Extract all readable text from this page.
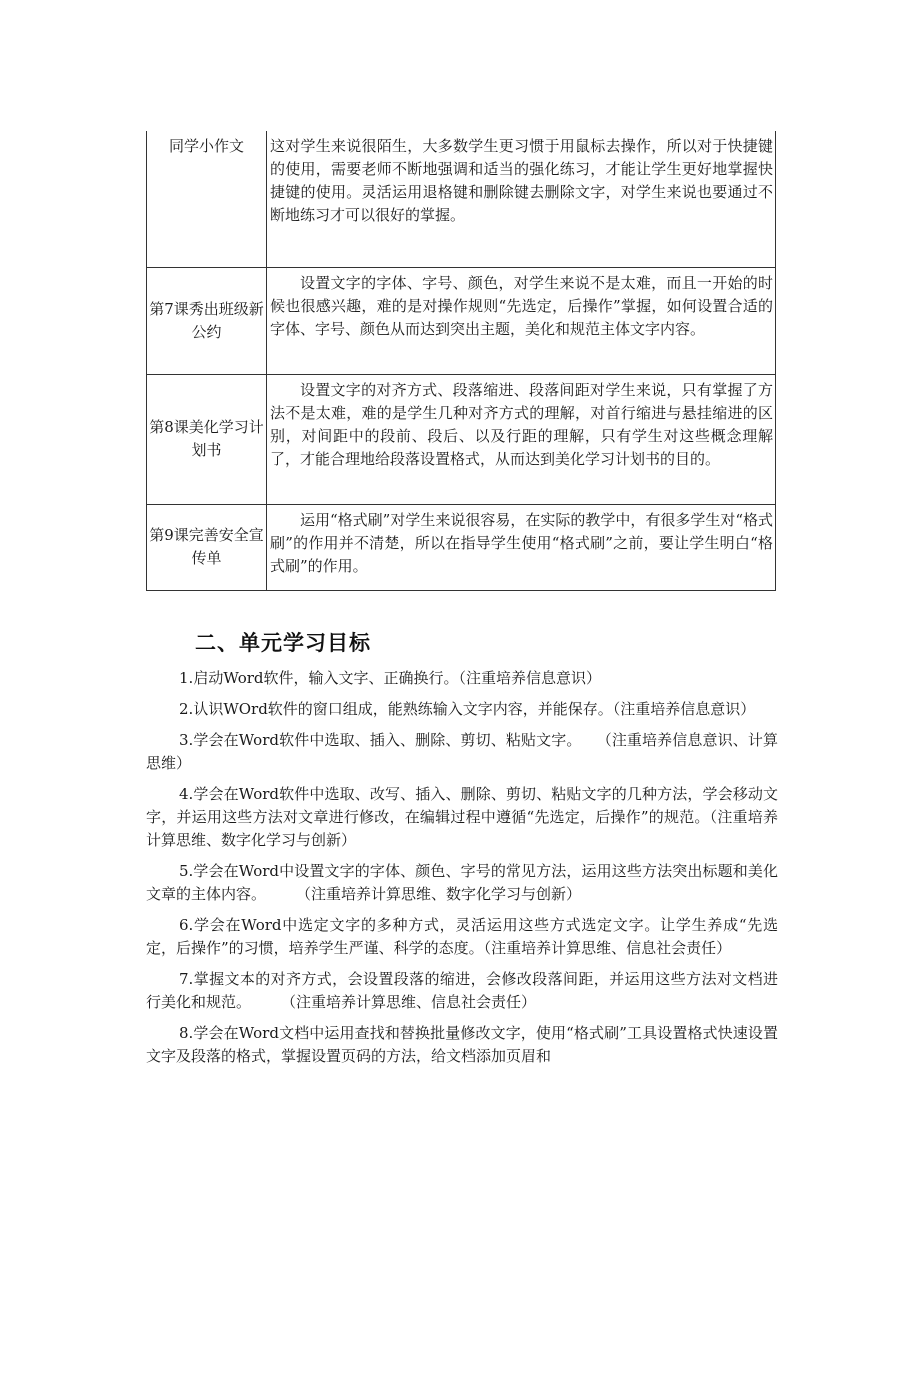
同学小作文	这对学生来说很陌生，大多数学生更习惯于用鼠标去操作，所以对于快捷键的使用，需要老师不断地强调和适当的强化练习，才能让学生更好地掌握快捷键的使用。灵活运用退格键和删除键去删除文字，对学生来说也要通过不断地练习才可以很好的掌握。
第7课秀出班级新公约	设置文字的字体、字号、颜色，对学生来说不是太难，而且一开始的时候也很感兴趣，难的是对操作规则“先选定，后操作”掌握，如何设置合适的字体、字号、颜色从而达到突出主题，美化和规范主体文字内容。
第8课美化学习计划书	设置文字的对齐方式、段落缩进、段落间距对学生来说，只有掌握了方法不是太难，难的是学生几种对齐方式的理解，对首行缩进与悬挂缩进的区别，对间距中的段前、段后、以及行距的理解，只有学生对这些概念理解了，才能合理地给段落设置格式，从而达到美化学习计划书的目的。
第9课完善安全宣传单	运用“格式刷”对学生来说很容易，在实际的教学中，有很多学生对“格式刷”的作用并不清楚，所以在指导学生使用“格式刷”之前，要让学生明白“格式刷”的作用。
二、单元学习目标

1.启动Word软件，输入文字、正确换行。（注重培养信息意识）

2.认识WOrd软件的窗口组成，能熟练输入文字内容，并能保存。（注重培养信息意识）

3.学会在Word软件中选取、插入、删除、剪切、粘贴文字。　　（注重培养信息意识、计算思维）

4.学会在Word软件中选取、改写、插入、删除、剪切、粘贴文字的几种方法，学会移动文字，并运用这些方法对文章进行修改，在编辑过程中遵循“先选定，后操作”的规范。（注重培养计算思维、数字化学习与创新）

5.学会在Word中设置文字的字体、颜色、字号的常见方法，运用这些方法突出标题和美化文章的主体内容。　　　（注重培养计算思维、数字化学习与创新）

6.学会在Word中选定文字的多种方式，灵活运用这些方式选定文字。让学生养成“先选定，后操作”的习惯，培养学生严谨、科学的态度。（注重培养计算思维、信息社会责任）

7.掌握文本的对齐方式，会设置段落的缩进，会修改段落间距，并运用这些方法对文档进行美化和规范。　　　（注重培养计算思维、信息社会责任）

8.学会在Word文档中运用查找和替换批量修改文字，使用“格式刷”工具设置格式快速设置文字及段落的格式，掌握设置页码的方法，给文档添加页眉和
